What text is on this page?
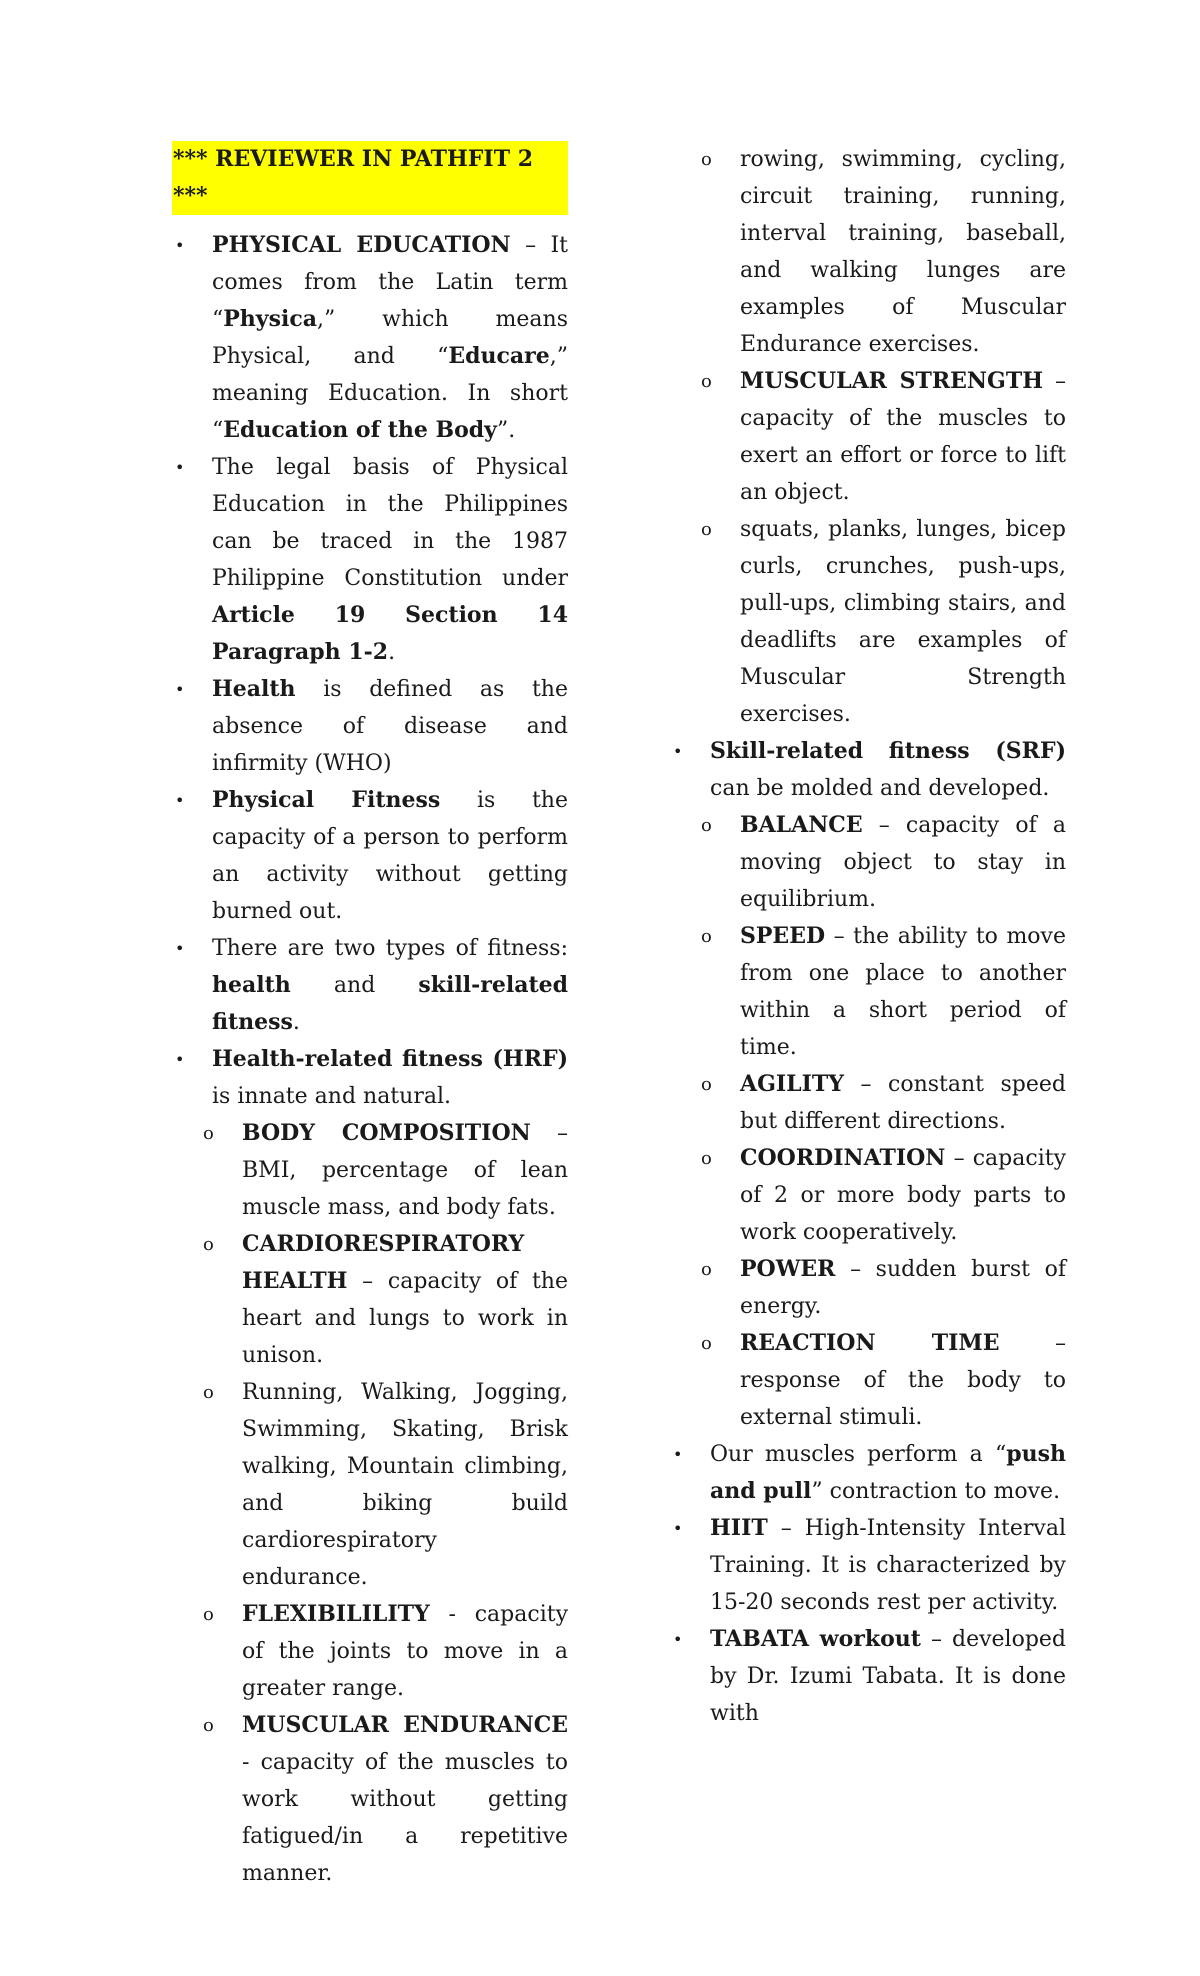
*** REVIEWER IN PATHFIT 2 ***
• PHYSICAL EDUCATION – It comes from the Latin term “Physica,” which means Physical, and “Educare,” meaning Education. In short “Education of the Body”.
• The legal basis of Physical Education in the Philippines can be traced in the 1987 Philippine Constitution under Article 19 Section 14 Paragraph 1-2.
• Health is defined as the absence of disease and infirmity (WHO)
• Physical Fitness is the capacity of a person to perform an activity without getting burned out.
• There are two types of fitness: health and skill-related fitness.
• Health-related fitness (HRF) is innate and natural.
o BODY COMPOSITION – BMI, percentage of lean muscle mass, and body fats.
o CARDIORESPIRATORY HEALTH – capacity of the heart and lungs to work in unison.
o Running, Walking, Jogging, Swimming, Skating, Brisk walking, Mountain climbing, and biking build cardiorespiratory endurance.
o FLEXIBILILITY - capacity of the joints to move in a greater range.
o MUSCULAR ENDURANCE - capacity of the muscles to work without getting fatigued/in a repetitive manner.
o rowing, swimming, cycling, circuit training, running, interval training, baseball, and walking lunges are examples of Muscular Endurance exercises.
o MUSCULAR STRENGTH – capacity of the muscles to exert an effort or force to lift an object.
o squats, planks, lunges, bicep curls, crunches, push-ups, pull-ups, climbing stairs, and deadlifts are examples of Muscular Strength exercises.
• Skill-related fitness (SRF) can be molded and developed.
o BALANCE – capacity of a moving object to stay in equilibrium.
o SPEED – the ability to move from one place to another within a short period of time.
o AGILITY – constant speed but different directions.
o COORDINATION – capacity of 2 or more body parts to work cooperatively.
o POWER – sudden burst of energy.
o REACTION TIME – response of the body to external stimuli.
• Our muscles perform a “push and pull” contraction to move.
• HIIT – High-Intensity Interval Training. It is characterized by 15-20 seconds rest per activity.
• TABATA workout – developed by Dr. Izumi Tabata. It is done with
